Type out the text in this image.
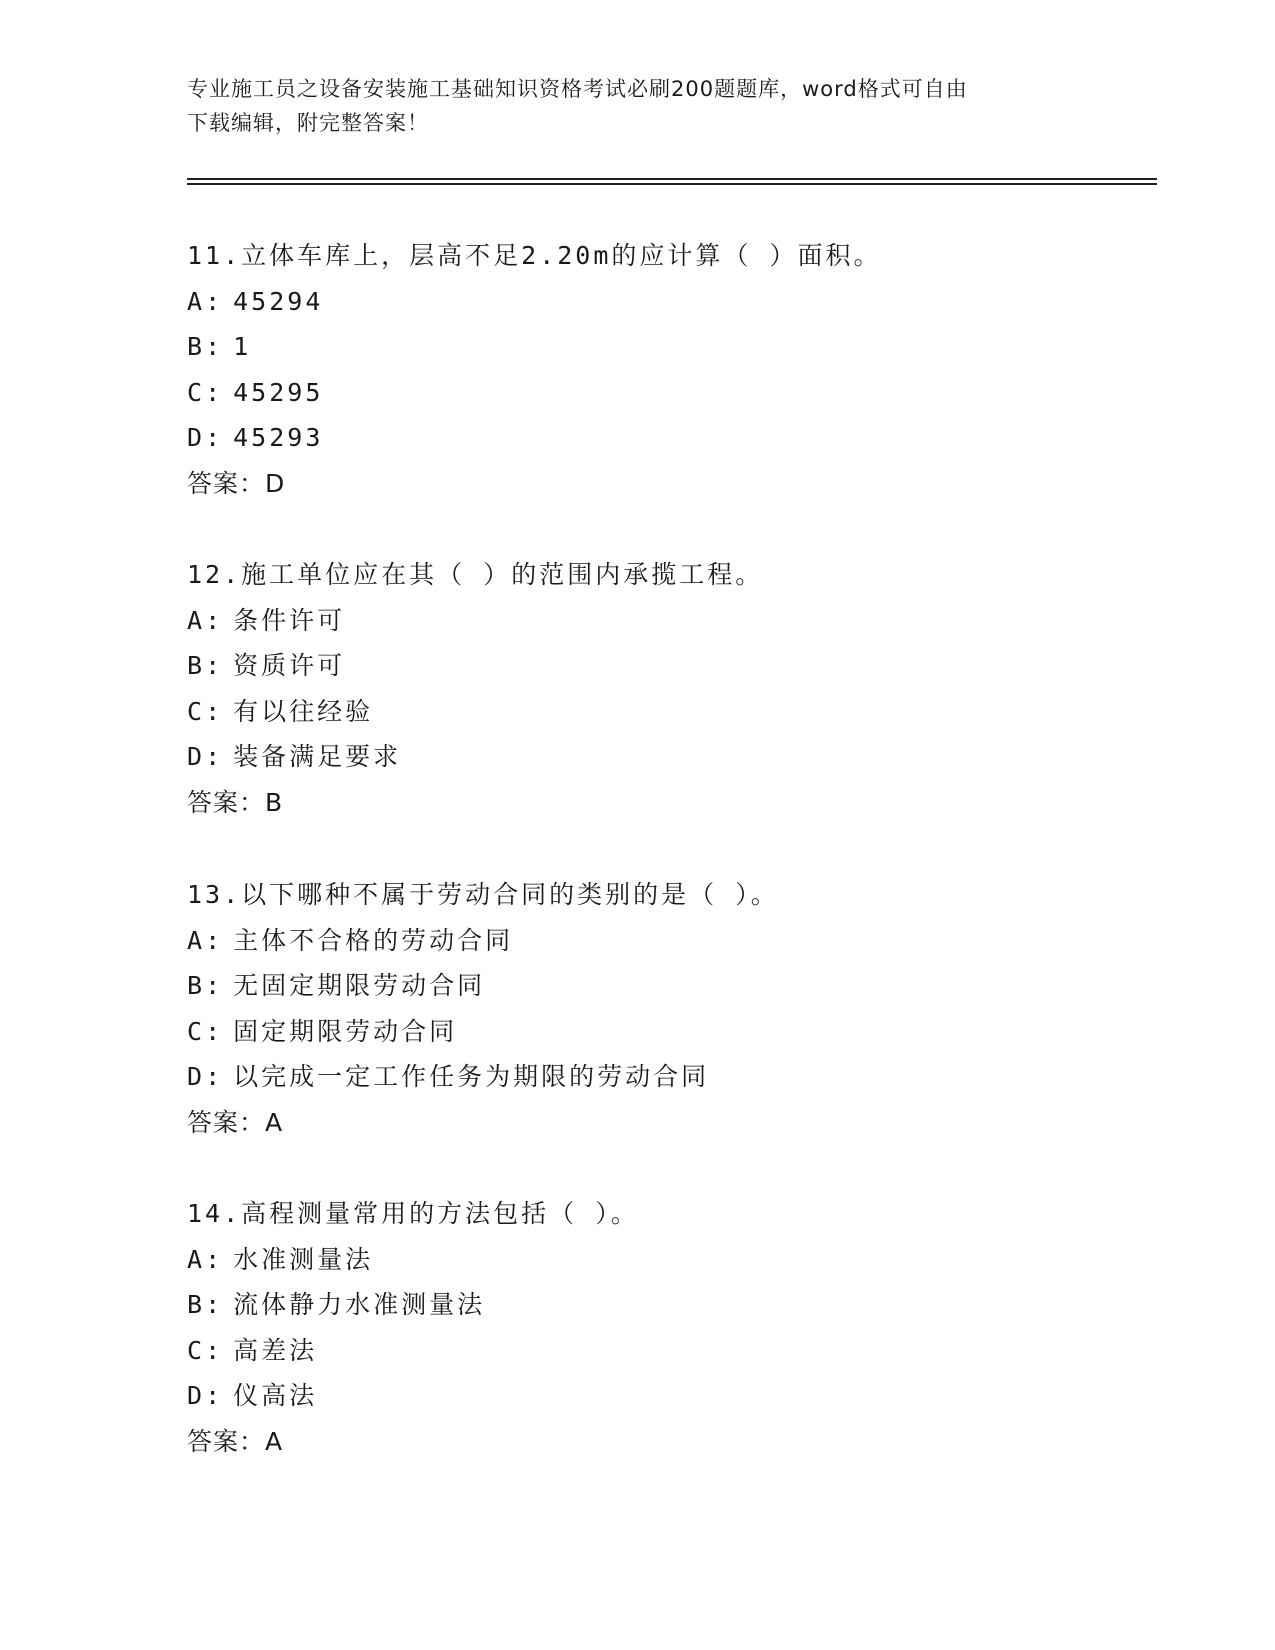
专业施工员之设备安装施工基础知识资格考试必刷200题题库，word格式可自由
下载编辑，附完整答案！
11.立体车库上，层高不足2.20m的应计算（ ）面积。
A: 45294
B: 1
C: 45295
D: 45293
答案：D
12.施工单位应在其（ ）的范围内承揽工程。
A: 条件许可
B: 资质许可
C: 有以往经验
D: 装备满足要求
答案：B
13.以下哪种不属于劳动合同的类别的是（ ）。
A: 主体不合格的劳动合同
B: 无固定期限劳动合同
C: 固定期限劳动合同
D: 以完成一定工作任务为期限的劳动合同
答案：A
14.高程测量常用的方法包括（ ）。
A: 水准测量法
B: 流体静力水准测量法
C: 高差法
D: 仪高法
答案：A
